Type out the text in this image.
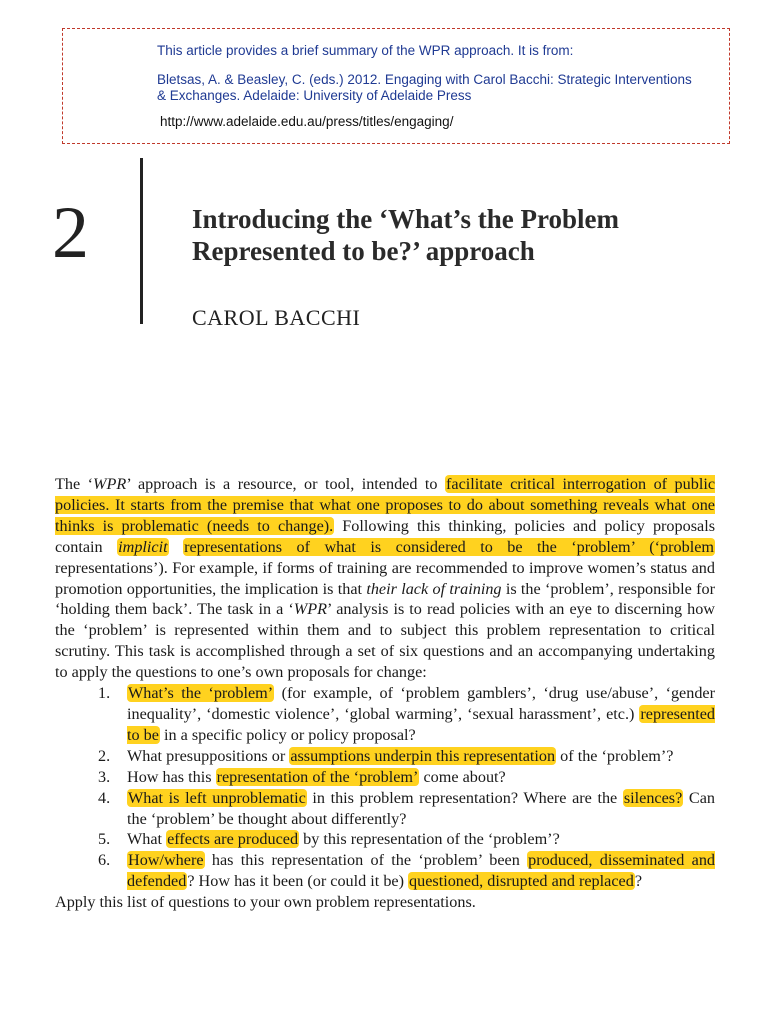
This article provides a brief summary of the WPR approach. It is from:
Bletsas, A. & Beasley, C. (eds.) 2012. Engaging with Carol Bacchi: Strategic Interventions & Exchanges. Adelaide: University of Adelaide Press
http://www.adelaide.edu.au/press/titles/engaging/
2	Introducing the ‘What’s the Problem Represented to be?’ approach
CAROL BACCHI

The ‘WPR’ approach is a resource, or tool, intended to facilitate critical interrogation of public policies. It starts from the premise that what one proposes to do about something reveals what one thinks is problematic (needs to change). Following this thinking, policies and policy proposals contain implicit representations of what is considered to be the ‘problem’ (‘problem representations’). For example, if forms of training are recommended to improve women’s status and promotion opportunities, the implication is that their lack of training is the ‘problem’, responsible for ‘holding them back’. The task in a ‘WPR’ analysis is to read policies with an eye to discerning how the ‘problem’ is represented within them and to subject this problem representation to critical scrutiny. This task is accomplished through a set of six questions and an accompanying undertaking to apply the questions to one’s own proposals for change:

What’s the ‘problem’ (for example, of ‘problem gamblers’, ‘drug use/abuse’, ‘gender inequality’, ‘domestic violence’, ‘global warming’, ‘sexual harassment’, etc.) represented to be in a specific policy or policy proposal?
What presuppositions or assumptions underpin this representation of the ‘problem’?
How has this representation of the ‘problem’ come about?
What is left unproblematic in this problem representation? Where are the silences? Can the ‘problem’ be thought about differently?
What effects are produced by this representation of the ‘problem’?
How/where has this representation of the ‘problem’ been produced, disseminated and defended? How has it been (or could it be) questioned, disrupted and replaced?

Apply this list of questions to your own problem representations.
